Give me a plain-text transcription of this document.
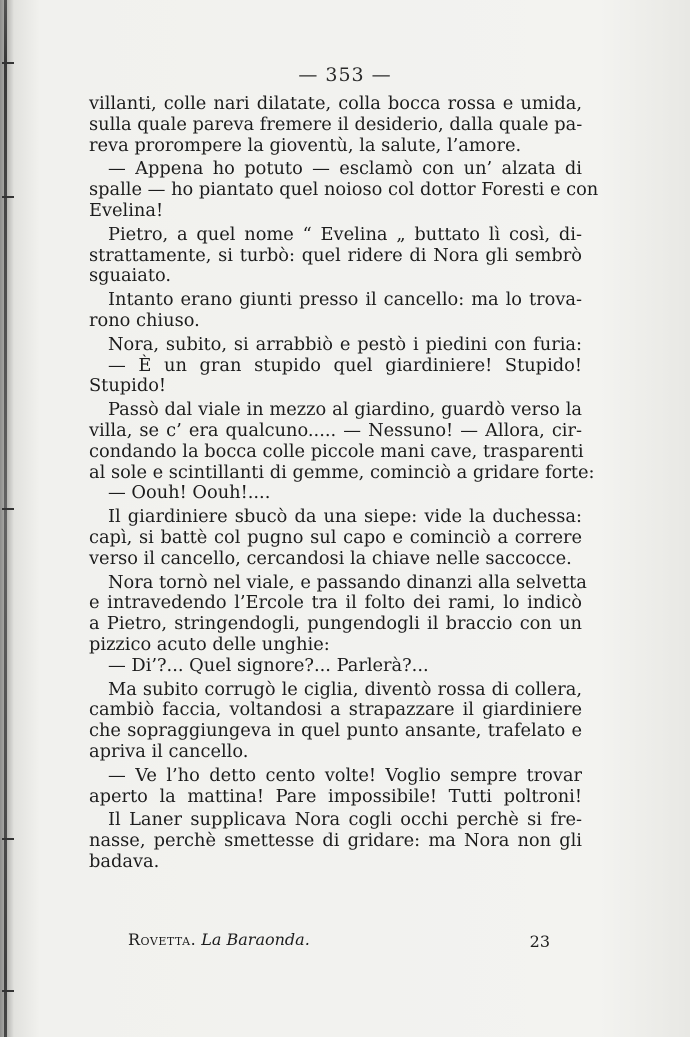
— 353 —
villanti, colle nari dilatate, colla bocca rossa e umida,
sulla quale pareva fremere il desiderio, dalla quale pa-
reva prorompere la gioventù, la salute, l’amore.
— Appena ho potuto — esclamò con un’ alzata di
spalle — ho piantato quel noioso col dottor Foresti e con
Evelina!
Pietro, a quel nome “ Evelina „ buttato lì così, di-
strattamente, si turbò: quel ridere di Nora gli sembrò
sguaiato.
Intanto erano giunti presso il cancello: ma lo trova-
rono chiuso.
Nora, subito, si arrabbiò e pestò i piedini con furia:
— È un gran stupido quel giardiniere! Stupido!
Stupido!
Passò dal viale in mezzo al giardino, guardò verso la
villa, se c’ era qualcuno..... — Nessuno! — Allora, cir-
condando la bocca colle piccole mani cave, trasparenti
al sole e scintillanti di gemme, cominciò a gridare forte:
— Oouh! Oouh!....
Il giardiniere sbucò da una siepe: vide la duchessa:
capì, si battè col pugno sul capo e cominciò a correre
verso il cancello, cercandosi la chiave nelle saccocce.
Nora tornò nel viale, e passando dinanzi alla selvetta
e intravedendo l’Ercole tra il folto dei rami, lo indicò
a Pietro, stringendogli, pungendogli il braccio con un
pizzico acuto delle unghie:
— Di’?... Quel signore?... Parlerà?...
Ma subito corrugò le ciglia, diventò rossa di collera,
cambiò faccia, voltandosi a strapazzare il giardiniere
che sopraggiungeva in quel punto ansante, trafelato e
apriva il cancello.
— Ve l’ho detto cento volte! Voglio sempre trovar
aperto la mattina! Pare impossibile! Tutti poltroni!
Il Laner supplicava Nora cogli occhi perchè si fre-
nasse, perchè smettesse di gridare: ma Nora non gli
badava.
Rovetta. La Baraonda.	23
